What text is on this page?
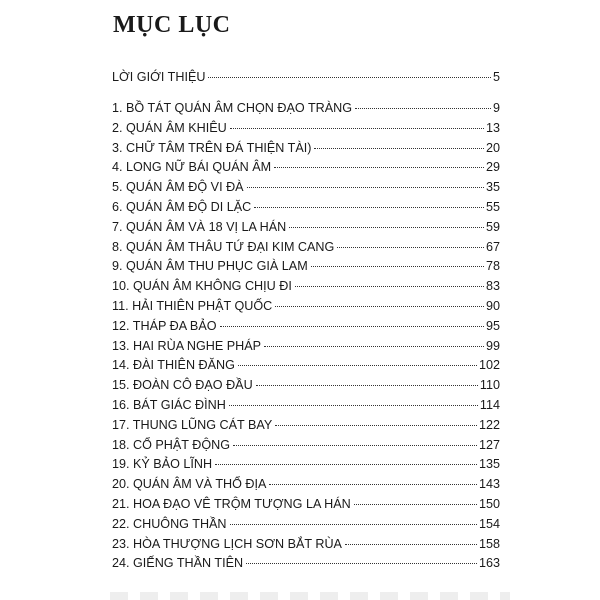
MỤC LỤC
LỜI GIỚI THIỆU	5
1. BỒ TÁT QUÁN ÂM CHỌN ĐẠO TRÀNG	9
2. QUÁN ÂM KHIÊU	13
3. CHỮ TÂM TRÊN ĐÁ THIỆN TÀI)	20
4. LONG NỮ BÁI QUÁN ÂM	29
5. QUÁN ÂM ĐỘ VI ĐÀ	35
6. QUÁN ÂM ĐỘ DI LẶC	55
7. QUÁN ÂM VÀ 18 VỊ LA HÁN	59
8. QUÁN ÂM THÂU TỨ ĐẠI KIM CANG	67
9. QUÁN ÂM THU PHỤC GIÀ LAM	78
10. QUÁN ÂM KHÔNG CHỊU ĐI	83
11. HẢI THIÊN PHẬT QUỐC	90
12. THÁP ĐA BẢO	95
13. HAI RÙA NGHE PHÁP	99
14. ĐÀI THIÊN ĐĂNG	102
15. ĐOÀN CÔ ĐẠO ĐẦU	110
16. BÁT GIÁC ĐÌNH	114
17. THUNG LŨNG CÁT BAY	122
18. CỔ PHẬT ĐỘNG	127
19. KỶ BẢO LĨNH	135
20. QUÁN ÂM VÀ THỔ ĐỊA	143
21. HOA ĐẠO VÊ TRỘM TƯỢNG LA HÁN	150
22. CHUÔNG THẦN	154
23. HÒA THƯỢNG LỊCH SƠN BẮT RÙA	158
24. GIẾNG THẦN TIÊN	163
